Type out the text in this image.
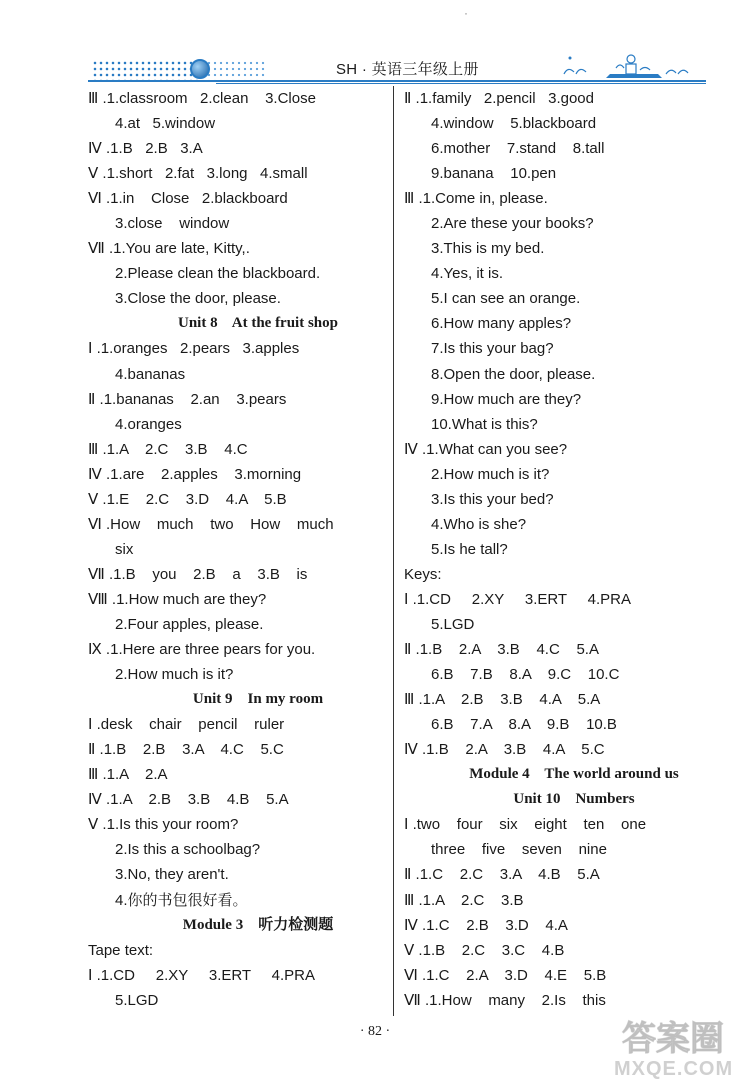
·
SH · 英语三年级上册
Ⅲ .1.classroom   2.clean    3.Close
4.at   5.window
Ⅳ .1.B   2.B   3.A
Ⅴ .1.short   2.fat   3.long   4.small
Ⅵ .1.in    Close   2.blackboard
3.close    window
Ⅶ .1.You are late, Kitty,.
2.Please clean the blackboard.
3.Close the door, please.
Unit 8    At the fruit shop
Ⅰ .1.oranges   2.pears   3.apples
4.bananas
Ⅱ .1.bananas    2.an    3.pears
4.oranges
Ⅲ .1.A    2.C    3.B    4.C
Ⅳ .1.are    2.apples    3.morning
Ⅴ .1.E    2.C    3.D    4.A    5.B
Ⅵ .How    much    two    How    much
six
Ⅶ .1.B    you    2.B    a    3.B    is
Ⅷ .1.How much are they?
2.Four apples, please.
Ⅸ .1.Here are three pears for you.
2.How much is it?
Unit 9    In my room
Ⅰ .desk    chair    pencil    ruler
Ⅱ .1.B    2.B    3.A    4.C    5.C
Ⅲ .1.A    2.A
Ⅳ .1.A    2.B    3.B    4.B    5.A
Ⅴ .1.Is this your room?
2.Is this a schoolbag?
3.No, they aren't.
4.你的书包很好看。
Module 3    听力检测题
Tape text:
Ⅰ .1.CD     2.XY     3.ERT     4.PRA
5.LGD
Ⅱ .1.family   2.pencil   3.good
4.window    5.blackboard
6.mother    7.stand    8.tall
9.banana    10.pen
Ⅲ .1.Come in, please.
2.Are these your books?
3.This is my bed.
4.Yes, it is.
5.I can see an orange.
6.How many apples?
7.Is this your bag?
8.Open the door, please.
9.How much are they?
10.What is this?
Ⅳ .1.What can you see?
2.How much is it?
3.Is this your bed?
4.Who is she?
5.Is he tall?
Keys:
Ⅰ .1.CD     2.XY     3.ERT     4.PRA
5.LGD
Ⅱ .1.B    2.A    3.B    4.C    5.A
6.B    7.B    8.A    9.C    10.C
Ⅲ .1.A    2.B    3.B    4.A    5.A
6.B    7.A    8.A    9.B    10.B
Ⅳ .1.B    2.A    3.B    4.A    5.C
Module 4    The world around us
Unit 10    Numbers
Ⅰ .two    four    six    eight    ten    one
three    five    seven    nine
Ⅱ .1.C    2.C    3.A    4.B    5.A
Ⅲ .1.A    2.C    3.B
Ⅳ .1.C    2.B    3.D    4.A
Ⅴ .1.B    2.C    3.C    4.B
Ⅵ .1.C    2.A    3.D    4.E    5.B
Ⅶ .1.How    many    2.Is    this
· 82 ·	答案圈
MXQE.COM
